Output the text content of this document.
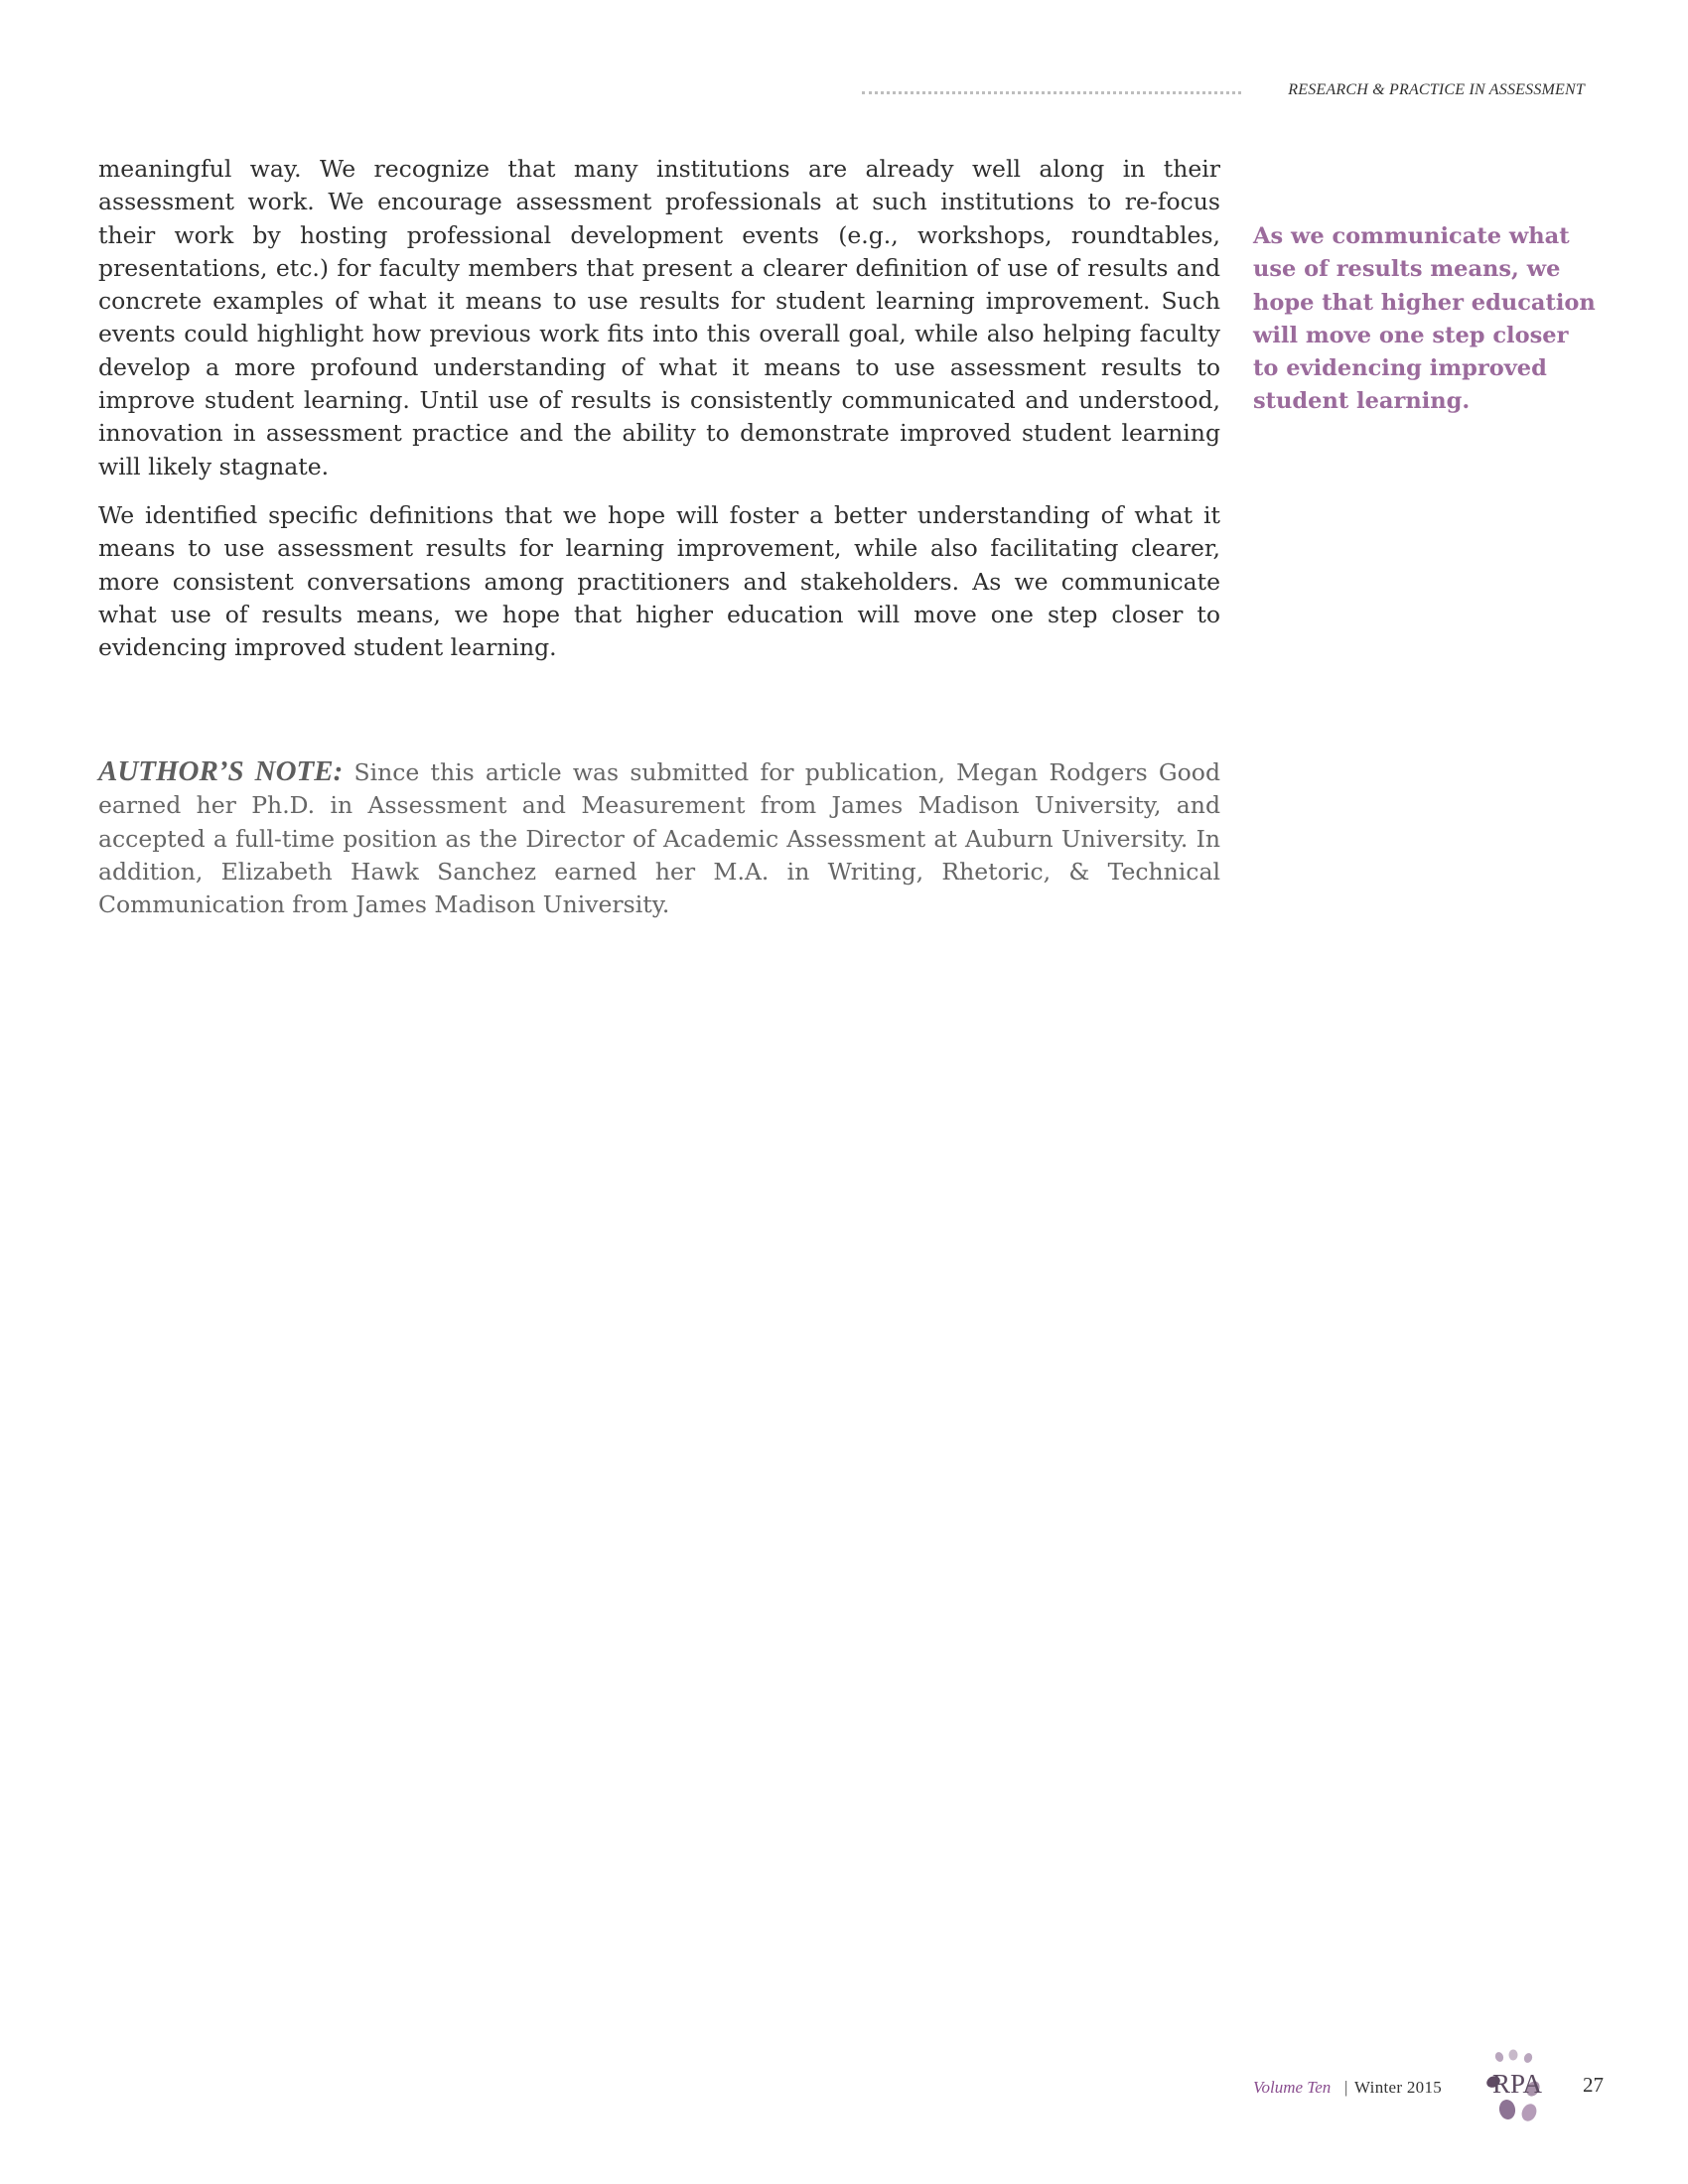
RESEARCH & PRACTICE IN ASSESSMENT

meaningful way. We recognize that many institutions are already well along in their assessment work. We encourage assessment professionals at such institutions to re-focus their work by hosting professional development events (e.g., workshops, roundtables, presentations, etc.) for faculty members that present a clearer definition of use of results and concrete examples of what it means to use results for student learning improvement. Such events could highlight how previous work fits into this overall goal, while also helping faculty develop a more profound understanding of what it means to use assessment results to improve student learning. Until use of results is consistently communicated and understood, innovation in assessment practice and the ability to demonstrate improved student learning will likely stagnate.

We identified specific definitions that we hope will foster a better understanding of what it means to use assessment results for learning improvement, while also facilitating clearer, more consistent conversations among practitioners and stakeholders. As we communicate what use of results means, we hope that higher education will move one step closer to evidencing improved student learning.

AUTHOR’S NOTE: Since this article was submitted for publication, Megan Rodgers Good earned her Ph.D. in Assessment and Measurement from James Madison University, and accepted a full-time position as the Director of Academic Assessment at Auburn University. In addition, Elizabeth Hawk Sanchez earned her M.A. in Writing, Rhetoric, & Technical Communication from James Madison University.

As we communicate what use of results means, we hope that higher education will move one step closer to evidencing improved student learning.

Volume Ten | Winter 2015 RPA 27
